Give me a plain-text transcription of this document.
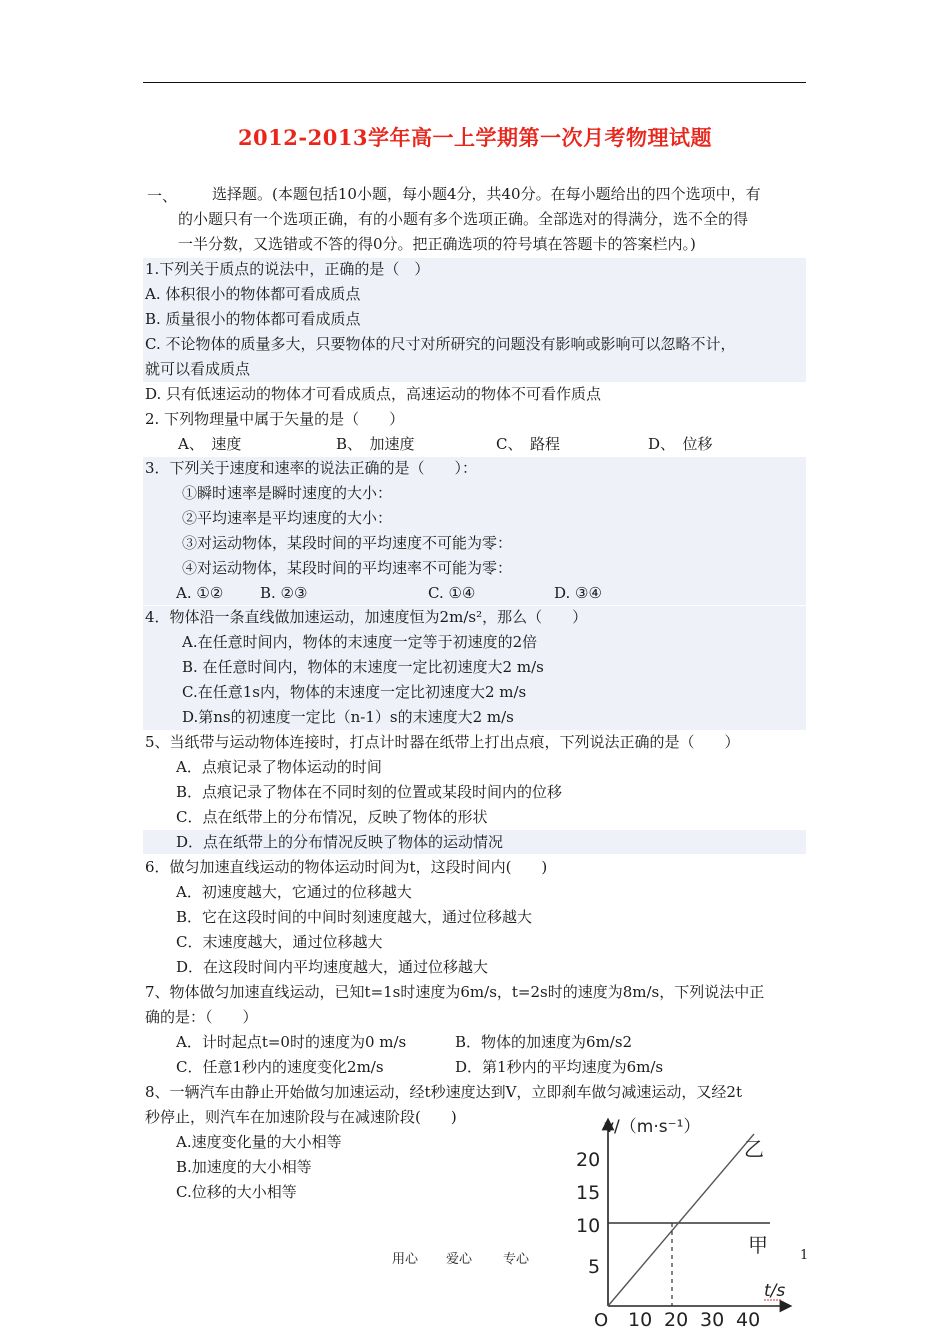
2012-2013学年高一上学期第一次月考物理试题
一、 选择题。(本题包括10小题，每小题4分，共40分。在每小题给出的四个选项中，有
的小题只有一个选项正确，有的小题有多个选项正确。全部选对的得满分，选不全的得
一半分数，又选错或不答的得0分。把正确选项的符号填在答题卡的答案栏内。)
1.下列关于质点的说法中，正确的是（　）
A. 体积很小的物体都可看成质点
B. 质量很小的物体都可看成质点
C. 不论物体的质量多大，只要物体的尺寸对所研究的问题没有影响或影响可以忽略不计，
就可以看成质点
D. 只有低速运动的物体才可看成质点，高速运动的物体不可看作质点
2. 下列物理量中属于矢量的是（　　）
A、　速度	B、　加速度	C、　路程	D、　位移
3．下列关于速度和速率的说法正确的是（　　）：
①瞬时速率是瞬时速度的大小：
②平均速率是平均速度的大小：
③对运动物体，某段时间的平均速度不可能为零：
④对运动物体，某段时间的平均速率不可能为零：
A. ①② B. ②③	C. ①④	D. ③④
4．物体沿一条直线做加速运动，加速度恒为2m/s²，那么（　　）
A.在任意时间内，物体的末速度一定等于初速度的2倍
B. 在任意时间内，物体的末速度一定比初速度大2 m/s
C.在任意1s内，物体的末速度一定比初速度大2 m/s
D.第ns的初速度一定比（n-1）s的末速度大2 m/s
5、当纸带与运动物体连接时，打点计时器在纸带上打出点痕，下列说法正确的是（　　）
A．点痕记录了物体运动的时间
B．点痕记录了物体在不同时刻的位置或某段时间内的位移
C．点在纸带上的分布情况，反映了物体的形状
D．点在纸带上的分布情况反映了物体的运动情况
6．做匀加速直线运动的物体运动时间为t，这段时间内(　　)
A．初速度越大，它通过的位移越大
B．它在这段时间的中间时刻速度越大，通过位移越大
C．末速度越大，通过位移越大
D．在这段时间内平均速度越大，通过位移越大
7、物体做匀加速直线运动，已知t=1s时速度为6m/s，t=2s时的速度为8m/s，下列说法中正
确的是：（　　）
A．计时起点t=0时的速度为0 m/s	B．物体的加速度为6m/s2
C．任意1秒内的速度变化2m/s	D．第1秒内的平均速度为6m/s
8、一辆汽车由静止开始做匀加速运动，经t秒速度达到V，立即刹车做匀减速运动，又经2t
秒停止，则汽车在加速阶段与在减速阶段(　　)
A.速度变化量的大小相等
B.加速度的大小相等
C.位移的大小相等
用心 爱心 专心	1
v/（m·s⁻¹）
t/s
O
5
10
15
20
10 20 30 40
甲
乙
